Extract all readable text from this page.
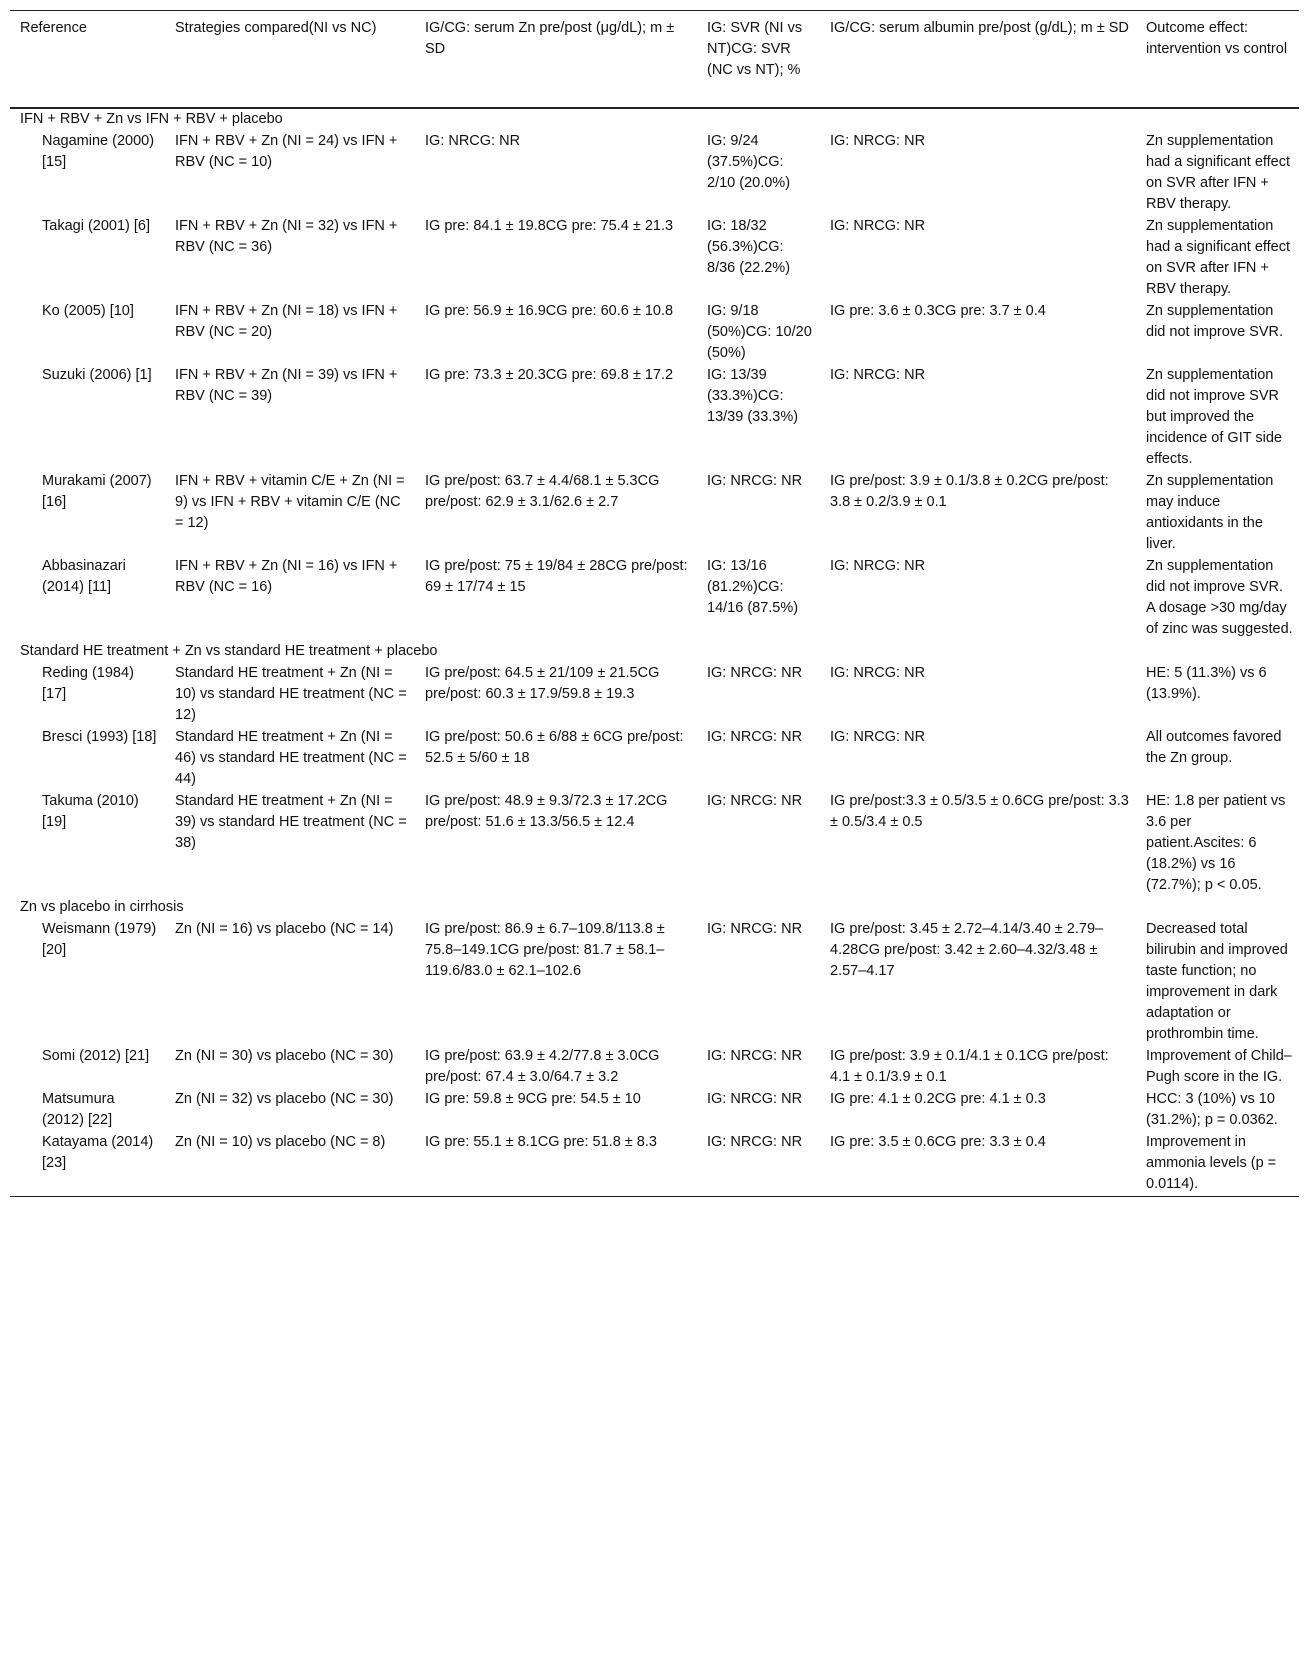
Reference	Strategies compared(NI vs NC)	IG/CG: serum Zn pre/post (μg/dL); m ± SD	IG: SVR (NI vs NT)CG: SVR (NC vs NT); %	IG/CG: serum albumin pre/post (g/dL); m ± SD	Outcome effect: intervention vs control
IFN + RBV + Zn vs IFN + RBV + placebo					
Nagamine (2000) [15]	IFN + RBV + Zn (NI = 24) vs IFN + RBV (NC = 10)	IG: NRCG: NR	IG: 9/24 (37.5%)CG: 2/10 (20.0%)	IG: NRCG: NR	Zn supplementation had a significant effect on SVR after IFN + RBV therapy.
Takagi (2001) [6]	IFN + RBV + Zn (NI = 32) vs IFN + RBV (NC = 36)	IG pre: 84.1 ± 19.8CG pre: 75.4 ± 21.3	IG: 18/32 (56.3%)CG: 8/36 (22.2%)	IG: NRCG: NR	Zn supplementation had a significant effect on SVR after IFN + RBV therapy.
Ko (2005) [10]	IFN + RBV + Zn (NI = 18) vs IFN + RBV (NC = 20)	IG pre: 56.9 ± 16.9CG pre: 60.6 ± 10.8	IG: 9/18 (50%)CG: 10/20 (50%)	IG pre: 3.6 ± 0.3CG pre: 3.7 ± 0.4	Zn supplementation did not improve SVR.
Suzuki (2006) [1]	IFN + RBV + Zn (NI = 39) vs IFN + RBV (NC = 39)	IG pre: 73.3 ± 20.3CG pre: 69.8 ± 17.2	IG: 13/39 (33.3%)CG: 13/39 (33.3%)	IG: NRCG: NR	Zn supplementation did not improve SVR but improved the incidence of GIT side effects.
Murakami (2007) [16]	IFN + RBV + vitamin C/E + Zn (NI = 9) vs IFN + RBV + vitamin C/E (NC = 12)	IG pre/post: 63.7 ± 4.4/68.1 ± 5.3CG pre/post: 62.9 ± 3.1/62.6 ± 2.7	IG: NRCG: NR	IG pre/post: 3.9 ± 0.1/3.8 ± 0.2CG pre/post: 3.8 ± 0.2/3.9 ± 0.1	Zn supplementation may induce antioxidants in the liver.
Abbasinazari (2014) [11]	IFN + RBV + Zn (NI = 16) vs IFN + RBV (NC = 16)	IG pre/post: 75 ± 19/84 ± 28CG pre/post: 69 ± 17/74 ± 15	IG: 13/16 (81.2%)CG: 14/16 (87.5%)	IG: NRCG: NR	Zn supplementation did not improve SVR. A dosage >30 mg/day of zinc was suggested.
Standard HE treatment + Zn vs standard HE treatment + placebo					
Reding (1984) [17]	Standard HE treatment + Zn (NI = 10) vs standard HE treatment (NC = 12)	IG pre/post: 64.5 ± 21/109 ± 21.5CG pre/post: 60.3 ± 17.9/59.8 ± 19.3	IG: NRCG: NR	IG: NRCG: NR	HE: 5 (11.3%) vs 6 (13.9%).
Bresci (1993) [18]	Standard HE treatment + Zn (NI = 46) vs standard HE treatment (NC = 44)	IG pre/post: 50.6 ± 6/88 ± 6CG pre/post: 52.5 ± 5/60 ± 18	IG: NRCG: NR	IG: NRCG: NR	All outcomes favored the Zn group.
Takuma (2010) [19]	Standard HE treatment + Zn (NI = 39) vs standard HE treatment (NC = 38)	IG pre/post: 48.9 ± 9.3/72.3 ± 17.2CG pre/post: 51.6 ± 13.3/56.5 ± 12.4	IG: NRCG: NR	IG pre/post:3.3 ± 0.5/3.5 ± 0.6CG pre/post: 3.3 ± 0.5/3.4 ± 0.5	HE: 1.8 per patient vs 3.6 per patient.Ascites: 6 (18.2%) vs 16 (72.7%); p < 0.05.
Zn vs placebo in cirrhosis					
Weismann (1979) [20]	Zn (NI = 16) vs placebo (NC = 14)	IG pre/post: 86.9 ± 6.7–109.8/113.8 ± 75.8–149.1CG pre/post: 81.7 ± 58.1–119.6/83.0 ± 62.1–102.6	IG: NRCG: NR	IG pre/post: 3.45 ± 2.72–4.14/3.40 ± 2.79–4.28CG pre/post: 3.42 ± 2.60–4.32/3.48 ± 2.57–4.17	Decreased total bilirubin and improved taste function; no improvement in dark adaptation or prothrombin time.
Somi (2012) [21]	Zn (NI = 30) vs placebo (NC = 30)	IG pre/post: 63.9 ± 4.2/77.8 ± 3.0CG pre/post: 67.4 ± 3.0/64.7 ± 3.2	IG: NRCG: NR	IG pre/post: 3.9 ± 0.1/4.1 ± 0.1CG pre/post: 4.1 ± 0.1/3.9 ± 0.1	Improvement of Child–Pugh score in the IG.
Matsumura (2012) [22]	Zn (NI = 32) vs placebo (NC = 30)	IG pre: 59.8 ± 9CG pre: 54.5 ± 10	IG: NRCG: NR	IG pre: 4.1 ± 0.2CG pre: 4.1 ± 0.3	HCC: 3 (10%) vs 10 (31.2%); p = 0.0362.
Katayama (2014) [23]	Zn (NI = 10) vs placebo (NC = 8)	IG pre: 55.1 ± 8.1CG pre: 51.8 ± 8.3	IG: NRCG: NR	IG pre: 3.5 ± 0.6CG pre: 3.3 ± 0.4	Improvement in ammonia levels (p = 0.0114).
